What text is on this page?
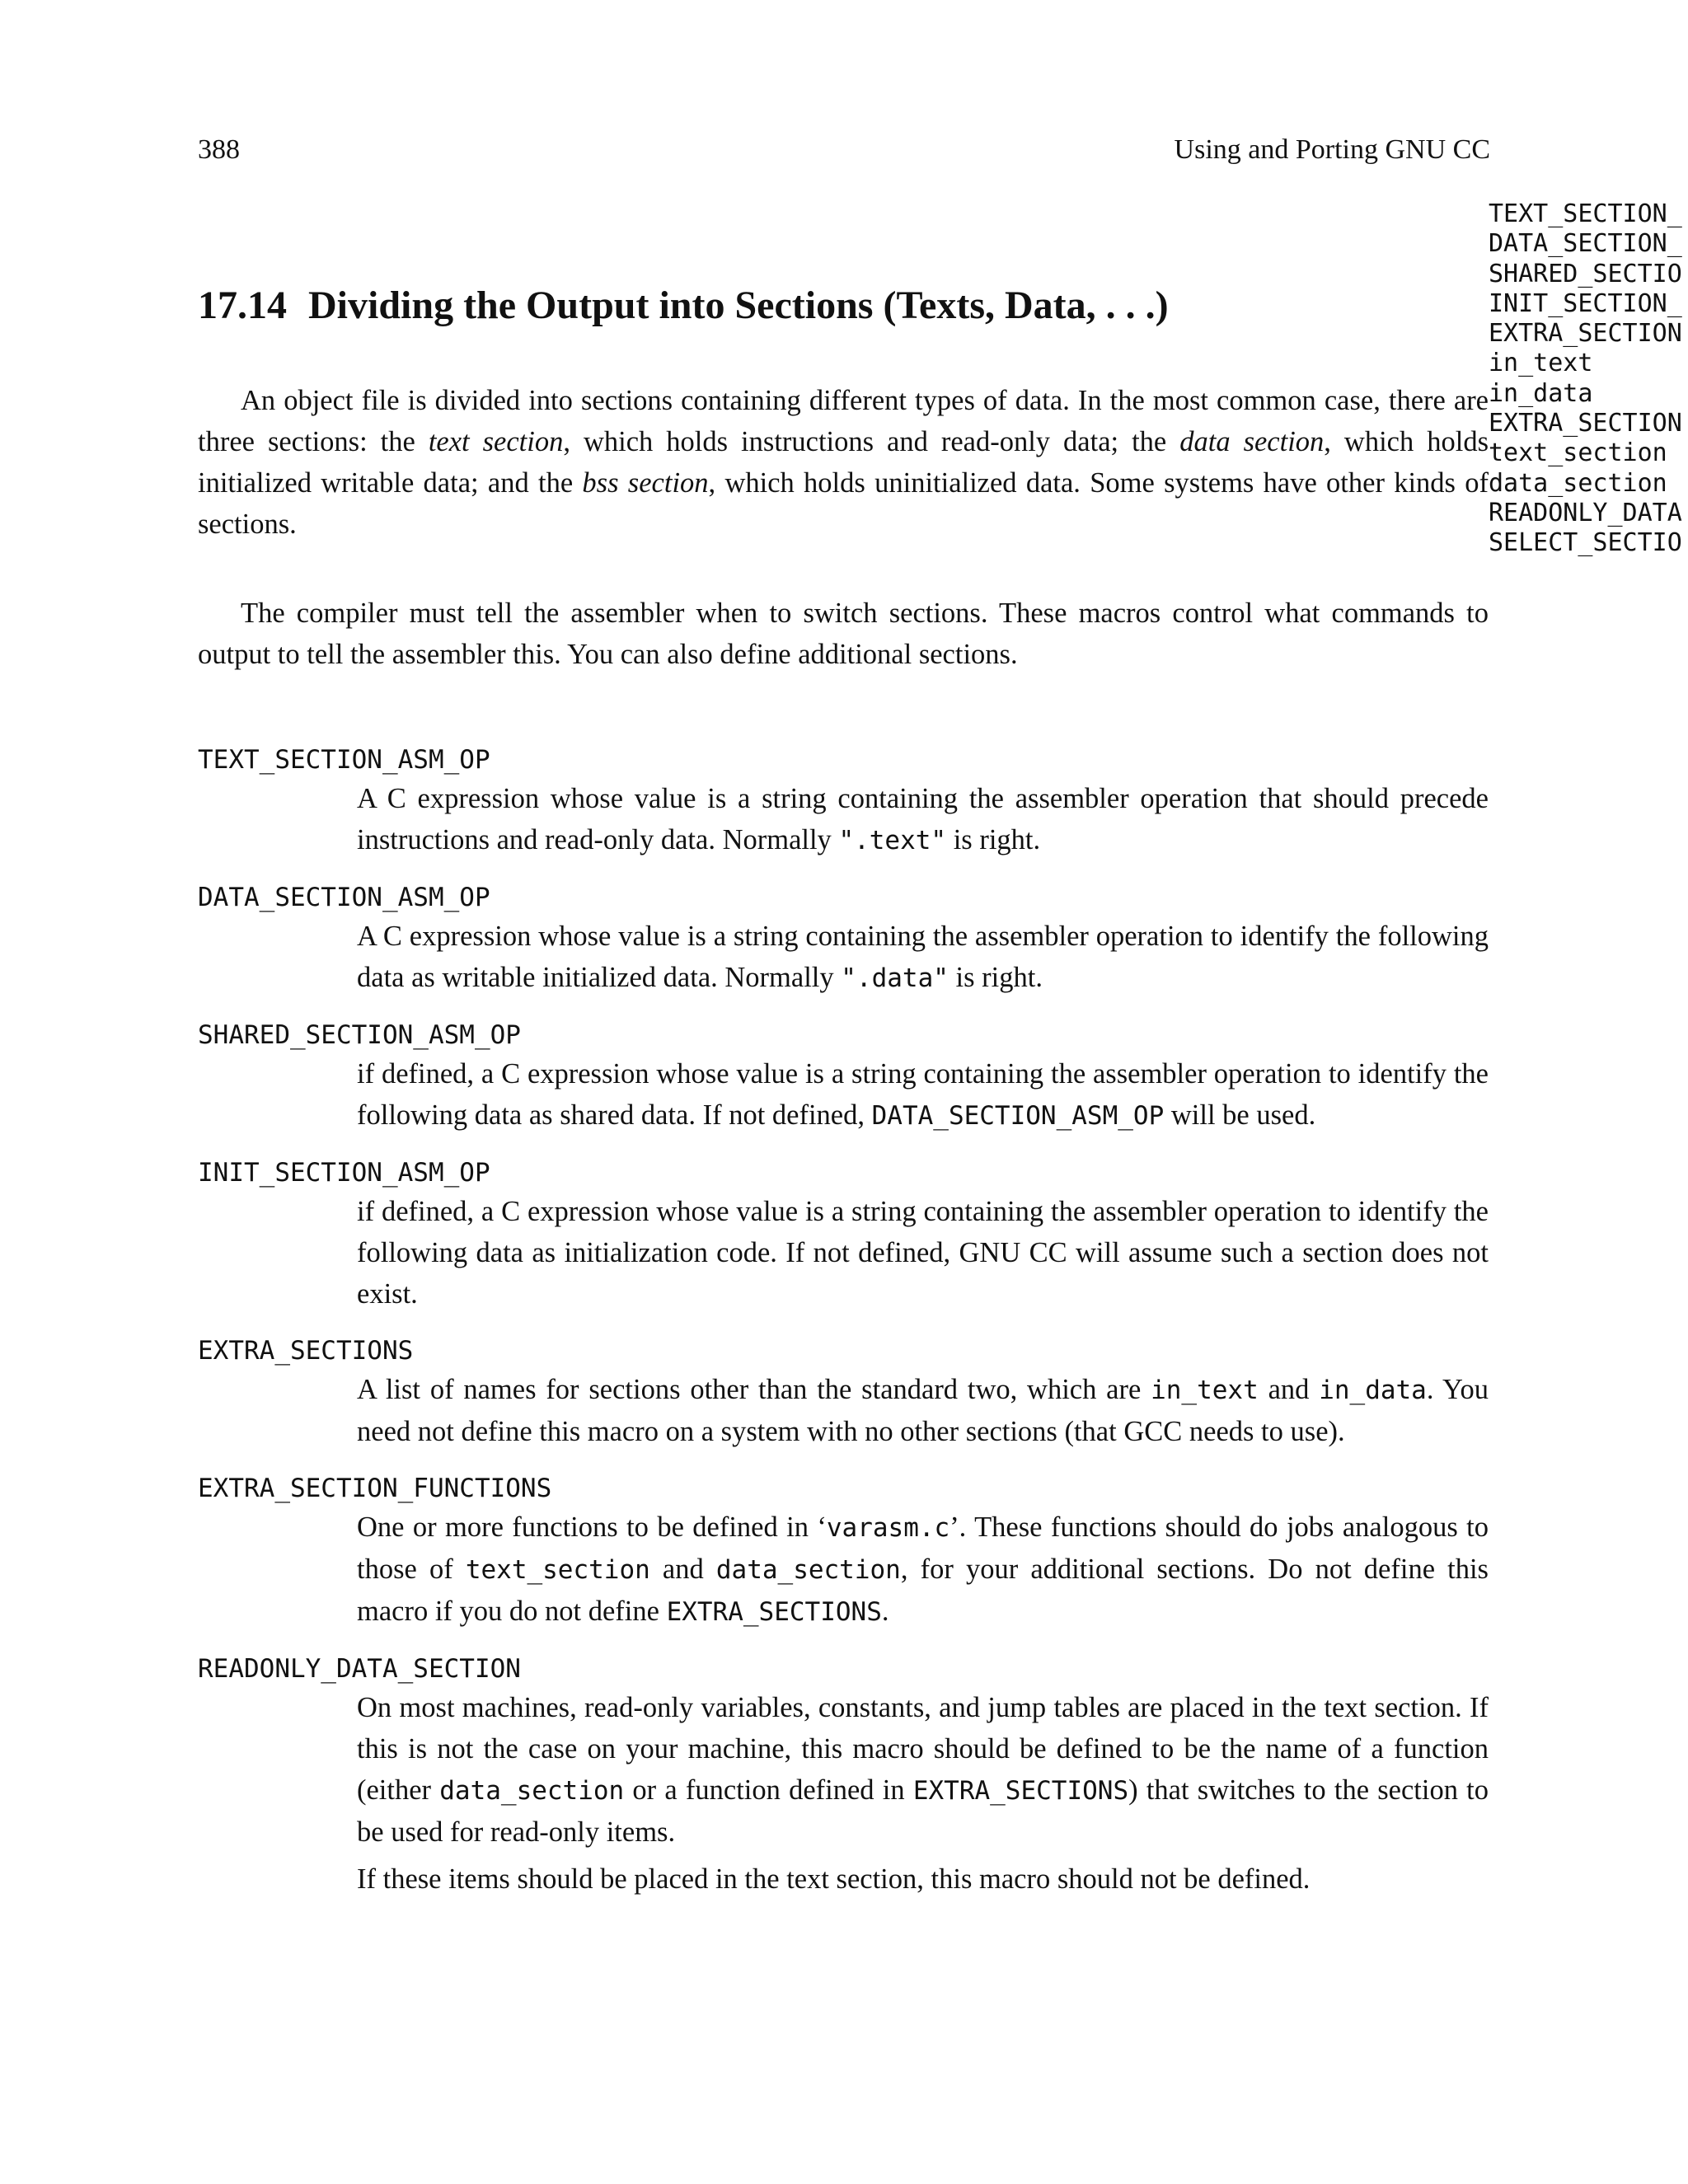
388	Using and Porting GNU CC
TEXT_SECTION_
DATA_SECTION_
SHARED_SECTIO
INIT_SECTION_
EXTRA_SECTION
in_text
in_data
EXTRA_SECTION
text_section
data_section
READONLY_DATA
SELECT_SECTIO
17.14 Dividing the Output into Sections (Texts, Data, . . .)

An object file is divided into sections containing different types of data. In the most common case, there are three sections: the text section, which holds instructions and read-only data; the data section, which holds initialized writable data; and the bss section, which holds uninitialized data. Some systems have other kinds of sections.

The compiler must tell the assembler when to switch sections. These macros control what commands to output to tell the assembler this. You can also define additional sections.

TEXT_SECTION_ASM_OP

A C expression whose value is a string containing the assembler operation that should precede instructions and read-only data. Normally ".text" is right.

DATA_SECTION_ASM_OP

A C expression whose value is a string containing the assembler operation to identify the following data as writable initialized data. Normally ".data" is right.

SHARED_SECTION_ASM_OP

if defined, a C expression whose value is a string containing the assembler operation to identify the following data as shared data. If not defined, DATA_SECTION_ASM_OP will be used.

INIT_SECTION_ASM_OP

if defined, a C expression whose value is a string containing the assembler operation to identify the following data as initialization code. If not defined, GNU CC will assume such a section does not exist.

EXTRA_SECTIONS

A list of names for sections other than the standard two, which are in_text and in_data. You need not define this macro on a system with no other sections (that GCC needs to use).

EXTRA_SECTION_FUNCTIONS

One or more functions to be defined in ‘varasm.c’. These functions should do jobs analogous to those of text_section and data_section, for your additional sections. Do not define this macro if you do not define EXTRA_SECTIONS.

READONLY_DATA_SECTION

On most machines, read-only variables, constants, and jump tables are placed in the text section. If this is not the case on your machine, this macro should be defined to be the name of a function (either data_section or a function defined in EXTRA_SECTIONS) that switches to the section to be used for read-only items.

If these items should be placed in the text section, this macro should not be defined.
